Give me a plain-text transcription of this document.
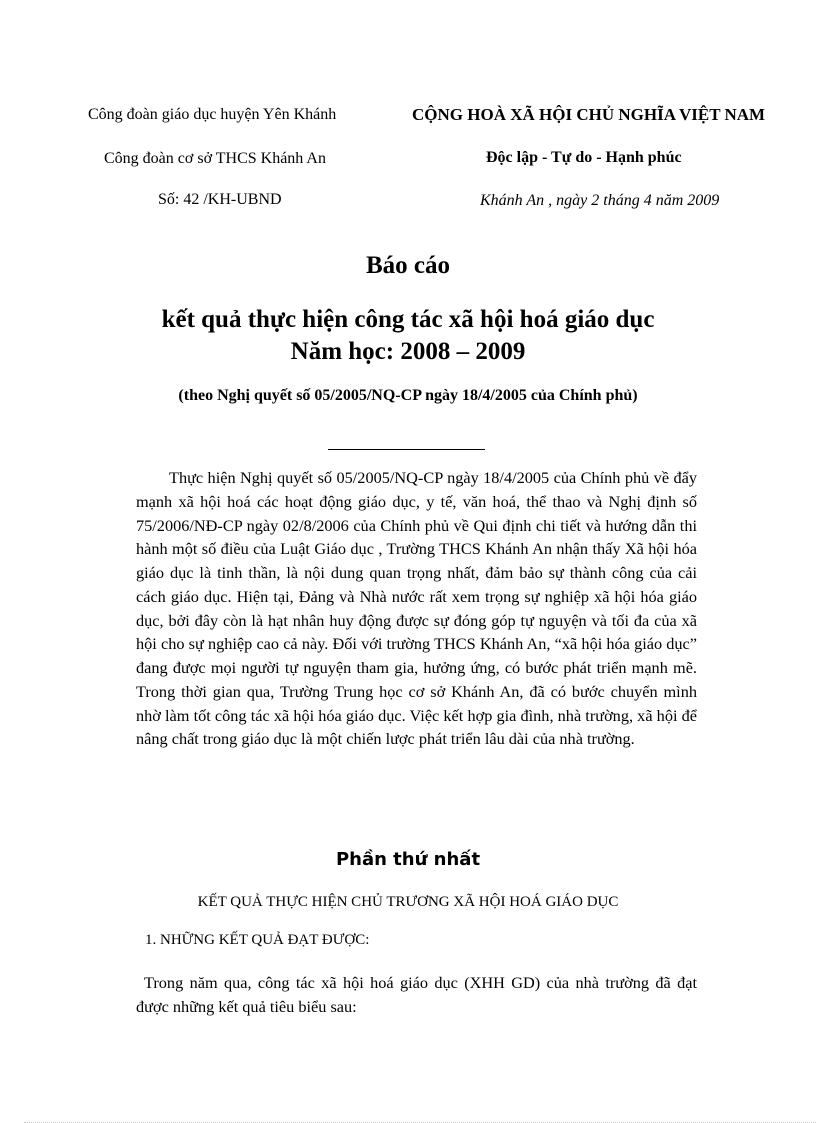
Công đoàn giáo dục huyện Yên Khánh
Công đoàn cơ sở THCS Khánh An
Số: 42 /KH-UBND
CỘNG HOÀ XÃ HỘI CHỦ NGHĨA VIỆT NAM
Độc lập - Tự do - Hạnh phúc
Khánh An , ngày 2 tháng 4 năm 2009
Báo cáo
kết quả thực hiện công tác xã hội hoá giáo dục
Năm học: 2008 – 2009
(theo Nghị quyết số 05/2005/NQ-CP ngày 18/4/2005 của Chính phủ)
Thực hiện Nghị quyết số 05/2005/NQ-CP ngày 18/4/2005 của Chính phủ về đẩy mạnh xã hội hoá các hoạt động giáo dục, y tế, văn hoá, thể thao và Nghị định số 75/2006/NĐ-CP ngày 02/8/2006 của Chính phủ về Qui định chi tiết và hướng dẫn thi hành một số điều của Luật Giáo dục , Trường THCS Khánh An nhận thấy Xã hội hóa giáo dục là tinh thần, là nội dung quan trọng nhất, đảm bảo sự thành công của cải cách giáo dục. Hiện tại, Đảng và Nhà nước rất xem trọng sự nghiệp xã hội hóa giáo dục, bởi đây còn là hạt nhân huy động được sự đóng góp tự nguyện và tối đa của xã hội cho sự nghiệp cao cả này. Đối với trường THCS Khánh An, “xã hội hóa giáo dục” đang được mọi người tự nguyện tham gia, hưởng ứng, có bước phát triển mạnh mẽ. Trong thời gian qua, Trường Trung học cơ sở Khánh An, đã có bước chuyển mình nhờ làm tốt công tác xã hội hóa giáo dục. Việc kết hợp gia đình, nhà trường, xã hội để nâng chất trong giáo dục là một chiến lược phát triển lâu dài của nhà trường.
Phần thứ nhất
KẾT QUẢ THỰC HIỆN CHỦ TRƯƠNG XÃ HỘI HOÁ GIÁO DỤC
1. NHỮNG KẾT QUẢ ĐẠT ĐƯỢC:
Trong năm qua, công tác xã hội hoá giáo dục (XHH GD) của nhà trường đã đạt được những kết quả tiêu biểu sau:
